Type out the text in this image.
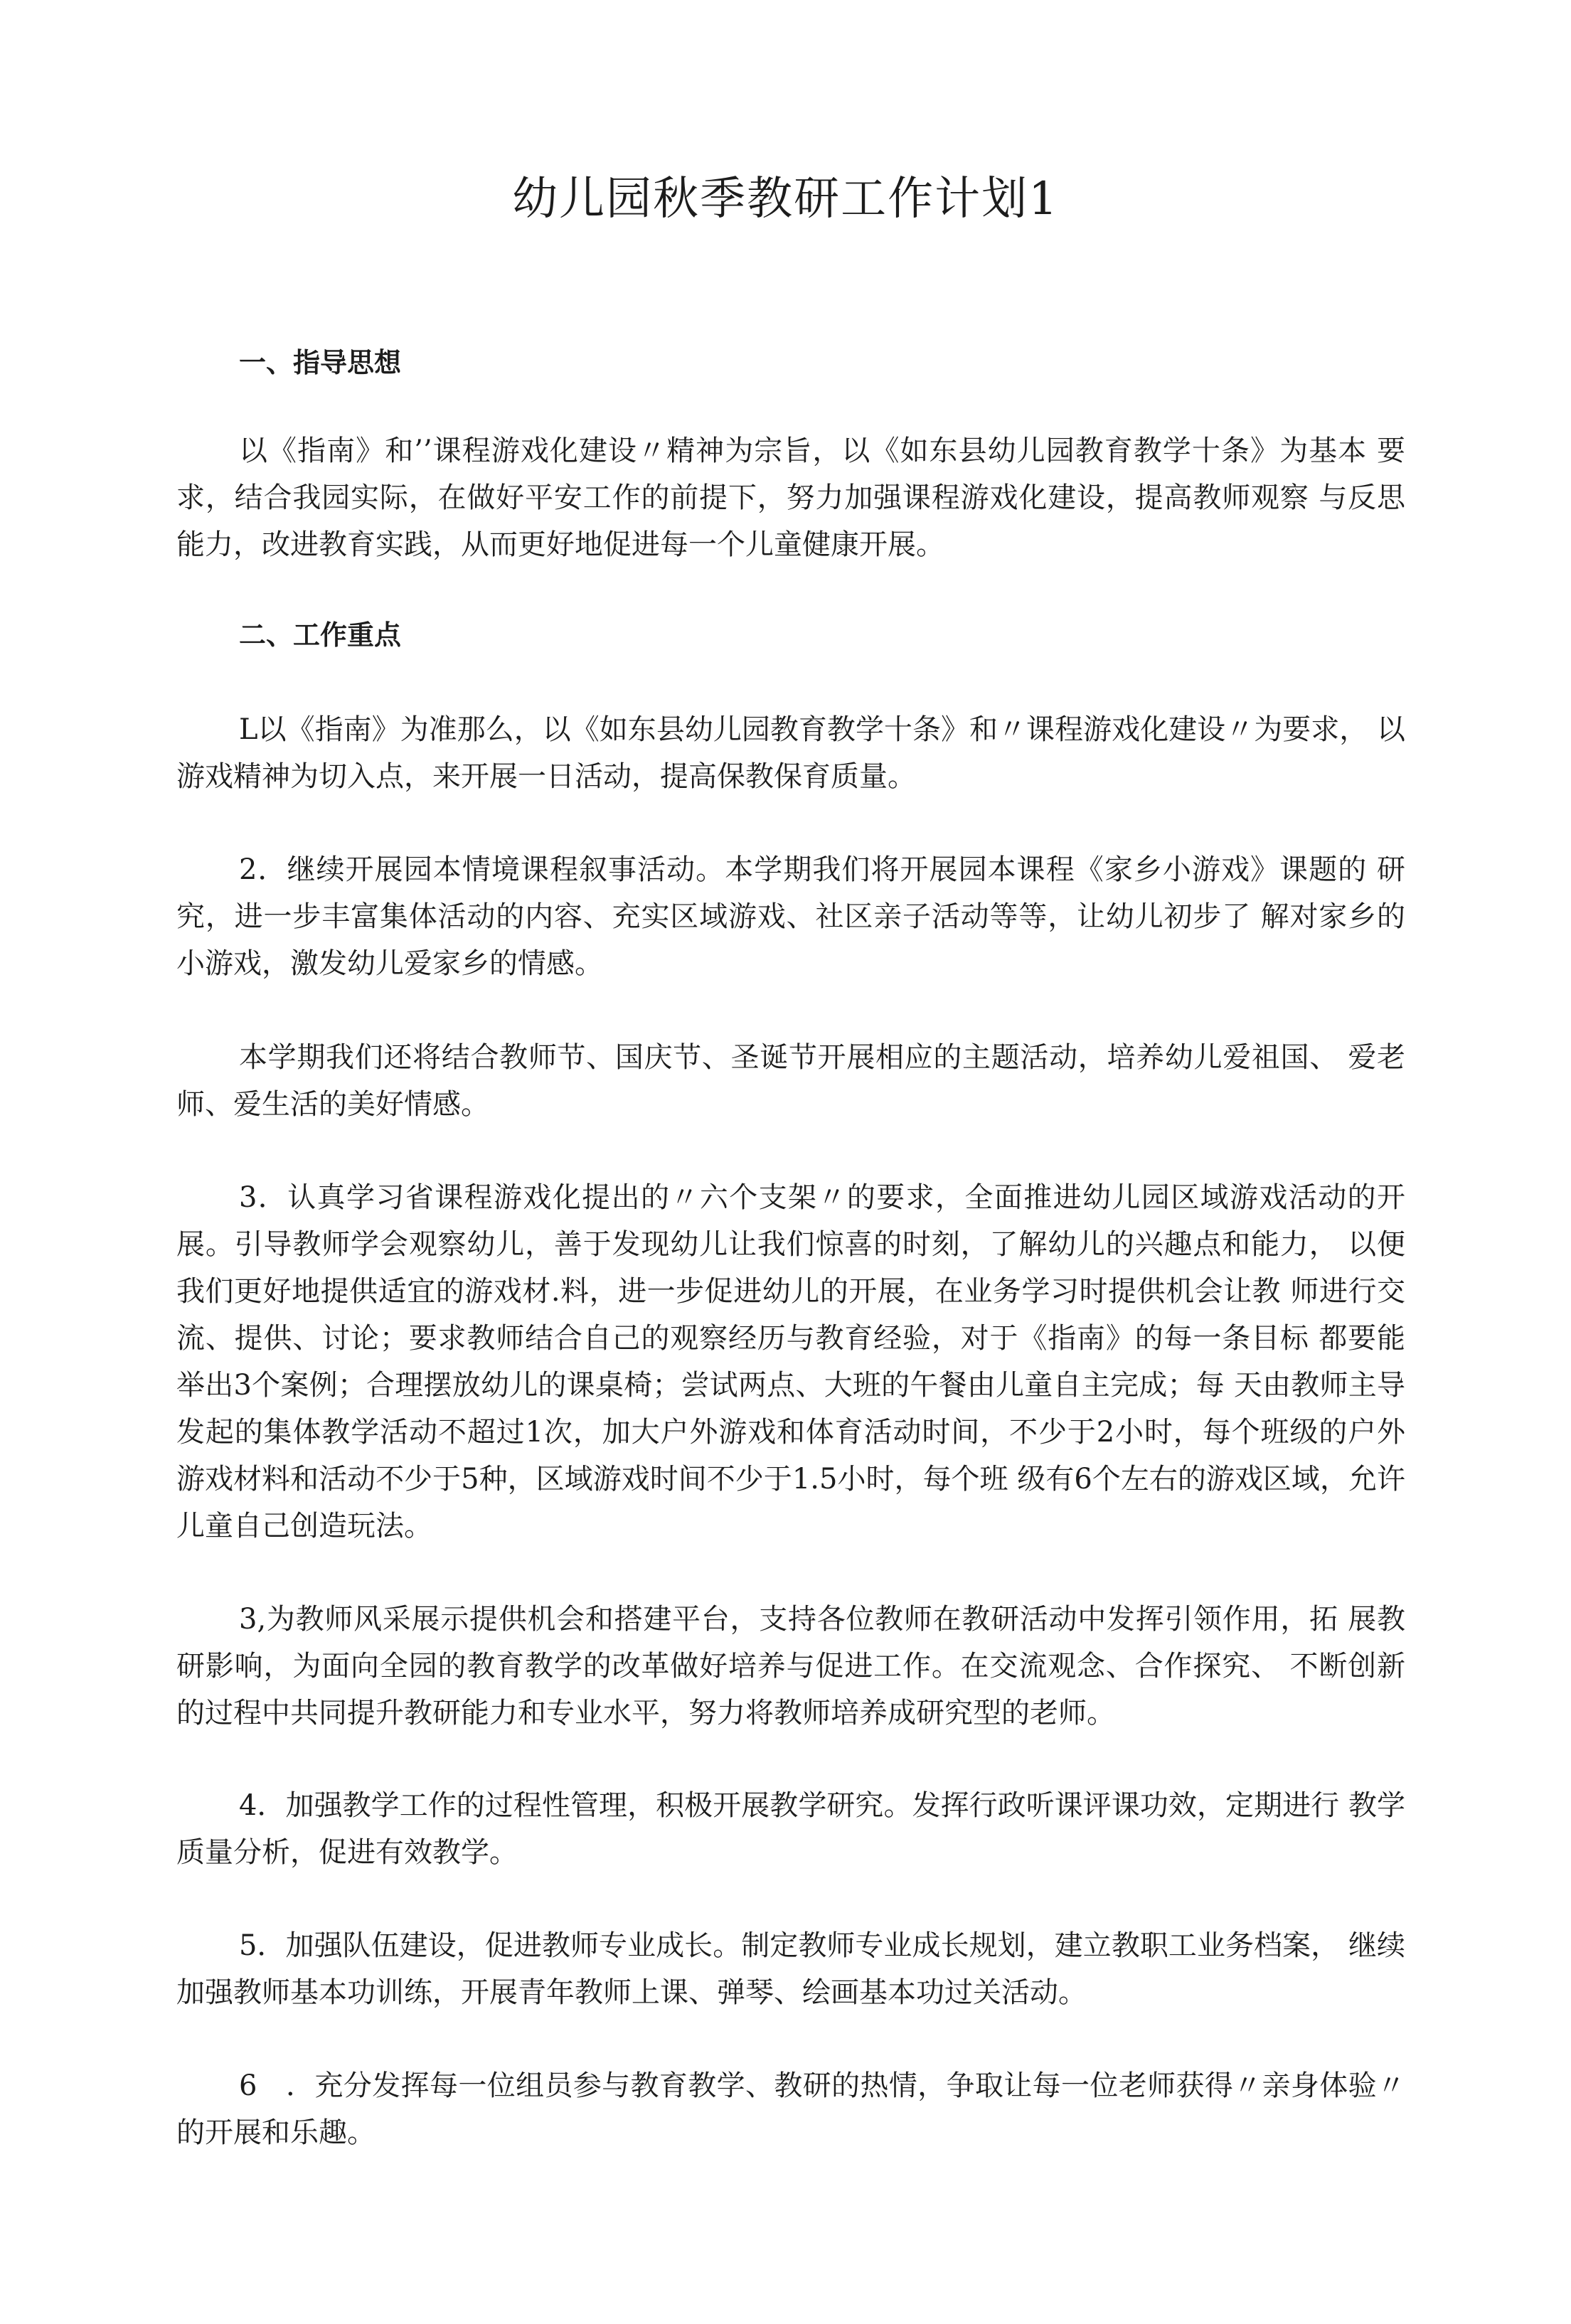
幼儿园秋季教研工作计划1
一、指导思想

以《指南》和’’课程游戏化建设〃精神为宗旨，以《如东县幼儿园教育教学十条》为基本 要求，结合我园实际，在做好平安工作的前提下，努力加强课程游戏化建设，提高教师观察 与反思能力，改进教育实践，从而更好地促进每一个儿童健康开展。

二、工作重点

L以《指南》为准那么，以《如东县幼儿园教育教学十条》和〃课程游戏化建设〃为要求， 以游戏精神为切入点，来开展一日活动，提高保教保育质量。

2．继续开展园本情境课程叙事活动。本学期我们将开展园本课程《家乡小游戏》课题的 研究，进一步丰富集体活动的内容、充实区域游戏、社区亲子活动等等，让幼儿初步了 解对家乡的小游戏，激发幼儿爱家乡的情感。

本学期我们还将结合教师节、国庆节、圣诞节开展相应的主题活动，培养幼儿爱祖国、 爱老师、爱生活的美好情感。

3．认真学习省课程游戏化提出的〃六个支架〃的要求，全面推进幼儿园区域游戏活动的开 展。引导教师学会观察幼儿，善于发现幼儿让我们惊喜的时刻，了解幼儿的兴趣点和能力， 以便我们更好地提供适宜的游戏材.料，进一步促进幼儿的开展，在业务学习时提供机会让教 师进行交流、提供、讨论；要求教师结合自己的观察经历与教育经验，对于《指南》的每一条目标 都要能举出3个案例；合理摆放幼儿的课桌椅；尝试两点、大班的午餐由儿童自主完成；每 天由教师主导发起的集体教学活动不超过1次，加大户外游戏和体育活动时间，不少于2小时，每个班级的户外游戏材料和活动不少于5种，区域游戏时间不少于1.5小时，每个班 级有6个左右的游戏区域，允许儿童自己创造玩法。

3,为教师风采展示提供机会和搭建平台，支持各位教师在教研活动中发挥引领作用，拓 展教研影响，为面向全园的教育教学的改革做好培养与促进工作。在交流观念、合作探究、 不断创新的过程中共同提升教研能力和专业水平，努力将教师培养成研究型的老师。

4．加强教学工作的过程性管理，积极开展教学研究。发挥行政听课评课功效，定期进行 教学质量分析，促进有效教学。

5．加强队伍建设，促进教师专业成长。制定教师专业成长规划，建立教职工业务档案， 继续加强教师基本功训练，开展青年教师上课、弹琴、绘画基本功过关活动。

6　．充分发挥每一位组员参与教育教学、教研的热情，争取让每一位老师获得〃亲身体验〃的开展和乐趣。
